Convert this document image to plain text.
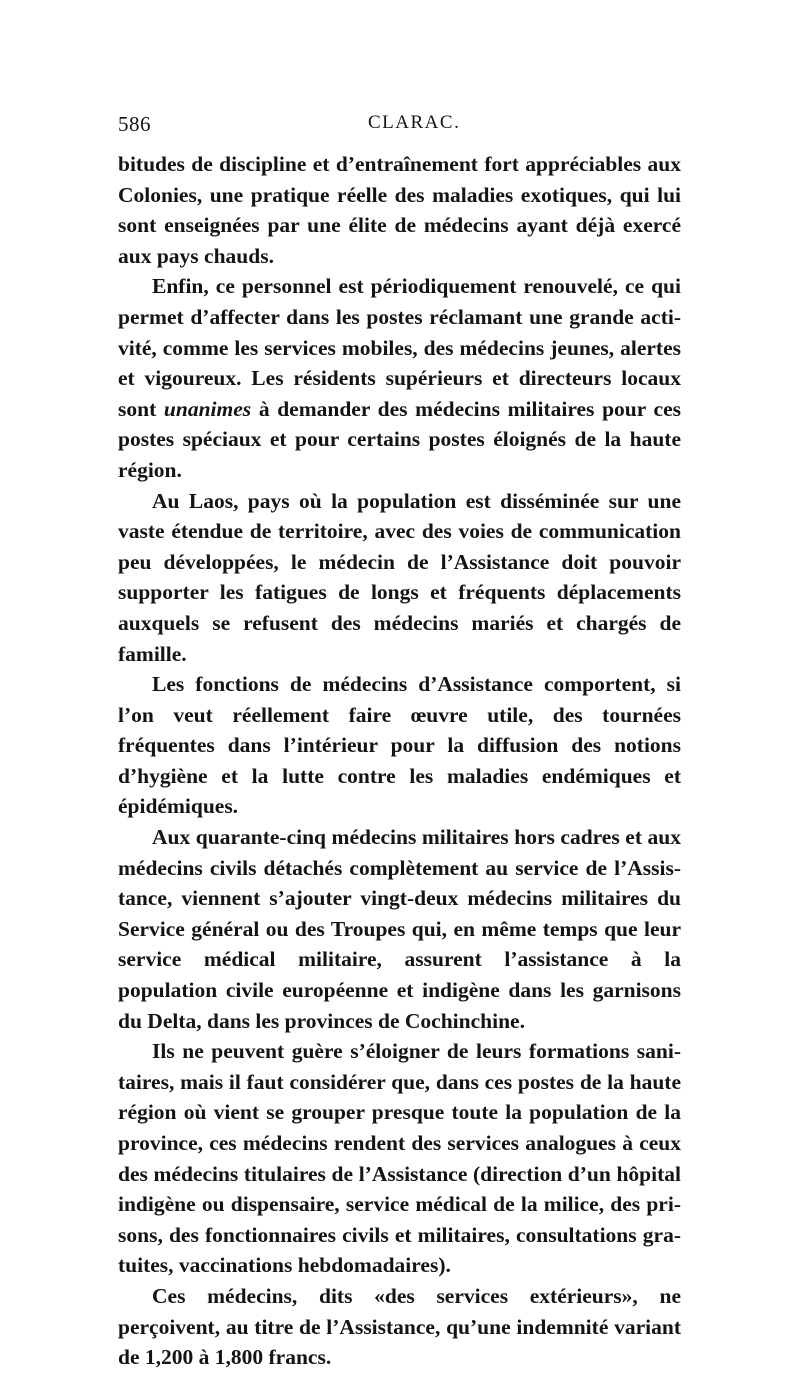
586	CLARAC.

bitudes de discipline et d’entraînement fort appréciables aux Colonies, une pratique réelle des maladies exotiques, qui lui sont enseignées par une élite de médecins ayant déjà exercé aux pays chauds.

Enfin, ce personnel est périodiquement renouvelé, ce qui permet d’affecter dans les postes réclamant une grande activité, comme les services mobiles, des médecins jeunes, alertes et vigoureux. Les résidents supérieurs et directeurs locaux sont unanimes à demander des médecins militaires pour ces postes spéciaux et pour certains postes éloignés de la haute région.

Au Laos, pays où la population est disséminée sur une vaste étendue de territoire, avec des voies de communication peu développées, le médecin de l’Assistance doit pouvoir supporter les fatigues de longs et fréquents déplacements auxquels se refusent des médecins mariés et chargés de famille.

Les fonctions de médecins d’Assistance comportent, si l’on veut réellement faire œuvre utile, des tournées fréquentes dans l’intérieur pour la diffusion des notions d’hygiène et la lutte contre les maladies endémiques et épidémiques.

Aux quarante-cinq médecins militaires hors cadres et aux médecins civils détachés complètement au service de l’Assistance, viennent s’ajouter vingt-deux médecins militaires du Service général ou des Troupes qui, en même temps que leur service médical militaire, assurent l’assistance à la population civile européenne et indigène dans les garnisons du Delta, dans les provinces de Cochinchine.

Ils ne peuvent guère s’éloigner de leurs formations sanitaires, mais il faut considérer que, dans ces postes de la haute région où vient se grouper presque toute la population de la province, ces médecins rendent des services analogues à ceux des médecins titulaires de l’Assistance (direction d’un hôpital indigène ou dispensaire, service médical de la milice, des prisons, des fonctionnaires civils et militaires, consultations gratuites, vaccinations hebdomadaires).

Ces médecins, dits «des services extérieurs», ne perçoivent, au titre de l’Assistance, qu’une indemnité variant de 1,200 à 1,800 francs.
